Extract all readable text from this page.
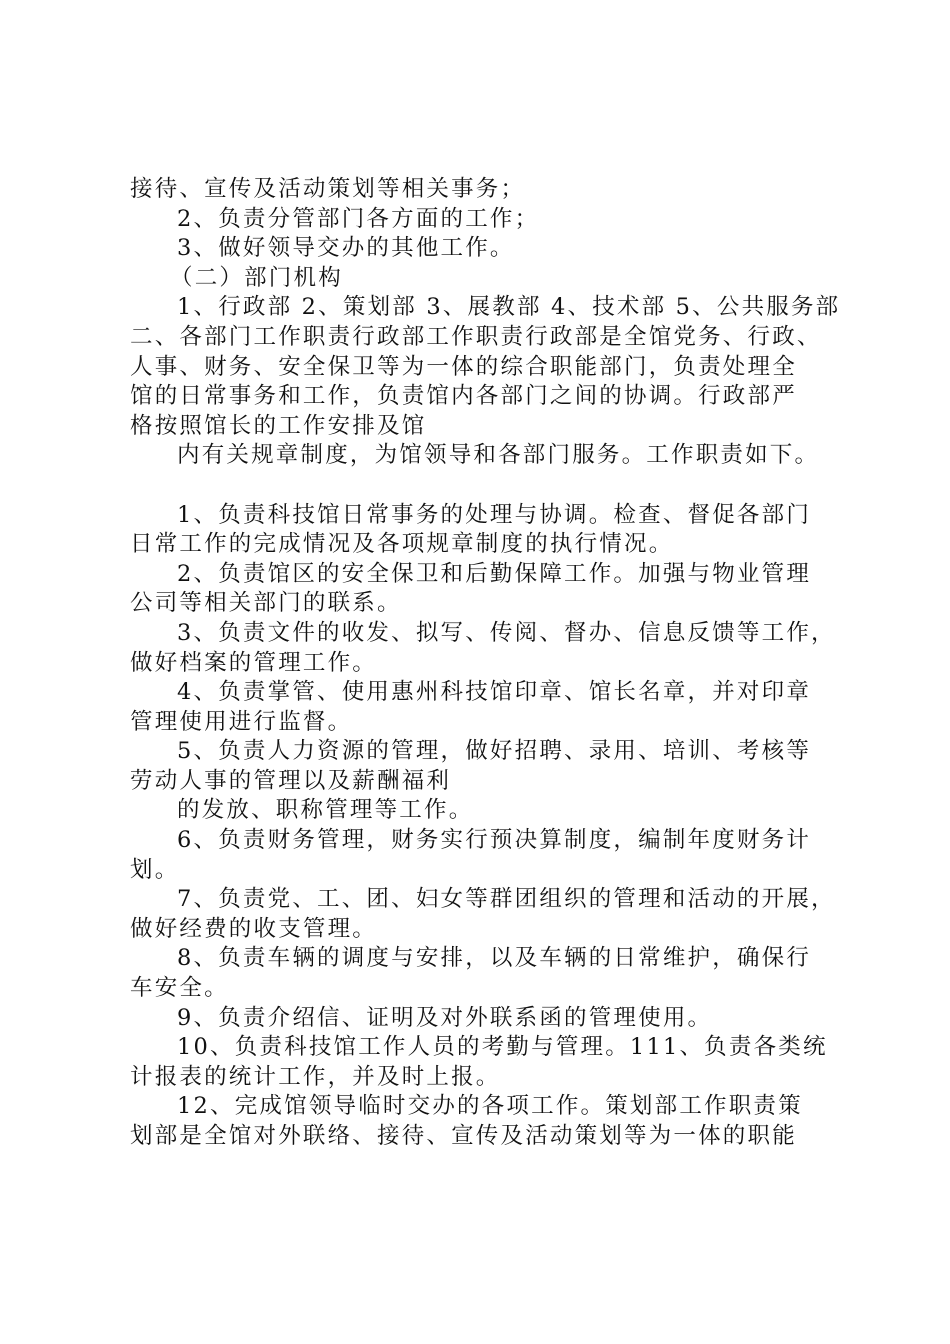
接待、宣传及活动策划等相关事务；
2、负责分管部门各方面的工作；
3、做好领导交办的其他工作。
（二）部门机构
1、行政部 2、策划部 3、展教部 4、技术部 5、公共服务部
二、各部门工作职责行政部工作职责行政部是全馆党务、行政、
人事、财务、安全保卫等为一体的综合职能部门，负责处理全
馆的日常事务和工作，负责馆内各部门之间的协调。行政部严
格按照馆长的工作安排及馆
内有关规章制度，为馆领导和各部门服务。工作职责如下。
1、负责科技馆日常事务的处理与协调。检查、督促各部门
日常工作的完成情况及各项规章制度的执行情况。
2、负责馆区的安全保卫和后勤保障工作。加强与物业管理
公司等相关部门的联系。
3、负责文件的收发、拟写、传阅、督办、信息反馈等工作，
做好档案的管理工作。
4、负责掌管、使用惠州科技馆印章、馆长名章，并对印章
管理使用进行监督。
5、负责人力资源的管理，做好招聘、录用、培训、考核等
劳动人事的管理以及薪酬福利
的发放、职称管理等工作。
6、负责财务管理，财务实行预决算制度，编制年度财务计
划。
7、负责党、工、团、妇女等群团组织的管理和活动的开展，
做好经费的收支管理。
8、负责车辆的调度与安排，以及车辆的日常维护，确保行
车安全。
9、负责介绍信、证明及对外联系函的管理使用。
10、负责科技馆工作人员的考勤与管理。111、负责各类统
计报表的统计工作，并及时上报。
12、完成馆领导临时交办的各项工作。策划部工作职责策
划部是全馆对外联络、接待、宣传及活动策划等为一体的职能
